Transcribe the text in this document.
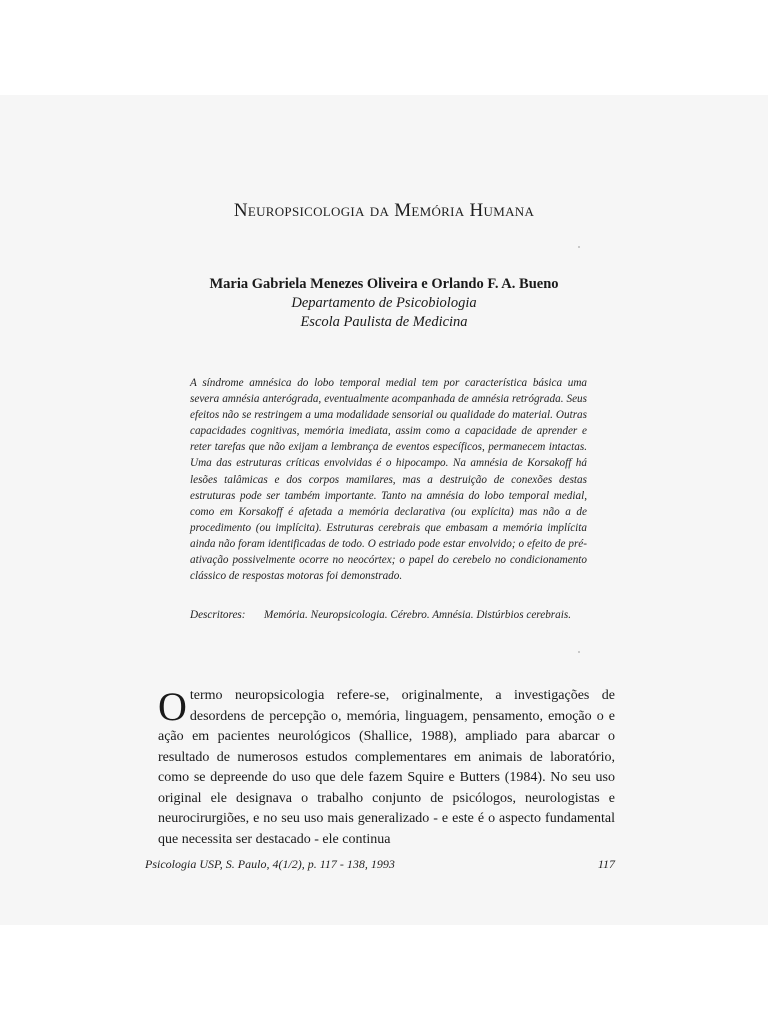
Neuropsicologia da Memória Humana
Maria Gabriela Menezes Oliveira e Orlando F. A. Bueno
Departamento de Psicobiologia
Escola Paulista de Medicina

A síndrome amnésica do lobo temporal medial tem por característica básica uma severa amnésia anterógrada, eventualmente acompanhada de amnésia retrógrada. Seus efeitos não se restringem a uma modalidade sensorial ou qualidade do material. Outras capacidades cognitivas, memória imediata, assim como a capacidade de aprender e reter tarefas que não exijam a lembrança de eventos específicos, permanecem intactas. Uma das estruturas críticas envolvidas é o hipocampo. Na amnésia de Korsakoff há lesões talâmicas e dos corpos mamilares, mas a destruição de conexões destas estruturas pode ser também importante. Tanto na amnésia do lobo temporal medial, como em Korsakoff é afetada a memória declarativa (ou explícita) mas não a de procedimento (ou implícita). Estruturas cerebrais que embasam a memória implícita ainda não foram identificadas de todo. O estriado pode estar envolvido; o efeito de pré-ativação possivelmente ocorre no neocórtex; o papel do cerebelo no condicionamento clássico de respostas motoras foi demonstrado.

Descritores:	Memória. Neuropsicologia. Cérebro. Amnésia. Distúrbios cerebrais.

Otermo neuropsicologia refere-se, originalmente, a investigações de desordens de percepção o, memória, linguagem, pensamento, emoção o e ação em pacientes neurológicos (Shallice, 1988), ampliado para abarcar o resultado de numerosos estudos complementares em animais de laboratório, como se depreende do uso que dele fazem Squire e Butters (1984). No seu uso original ele designava o trabalho conjunto de psicólogos, neurologistas e neurocirurgiões, e no seu uso mais generalizado - e este é o aspecto fundamental que necessita ser destacado - ele continua

Psicologia USP, S. Paulo, 4(1/2), p. 117 - 138, 1993	117
